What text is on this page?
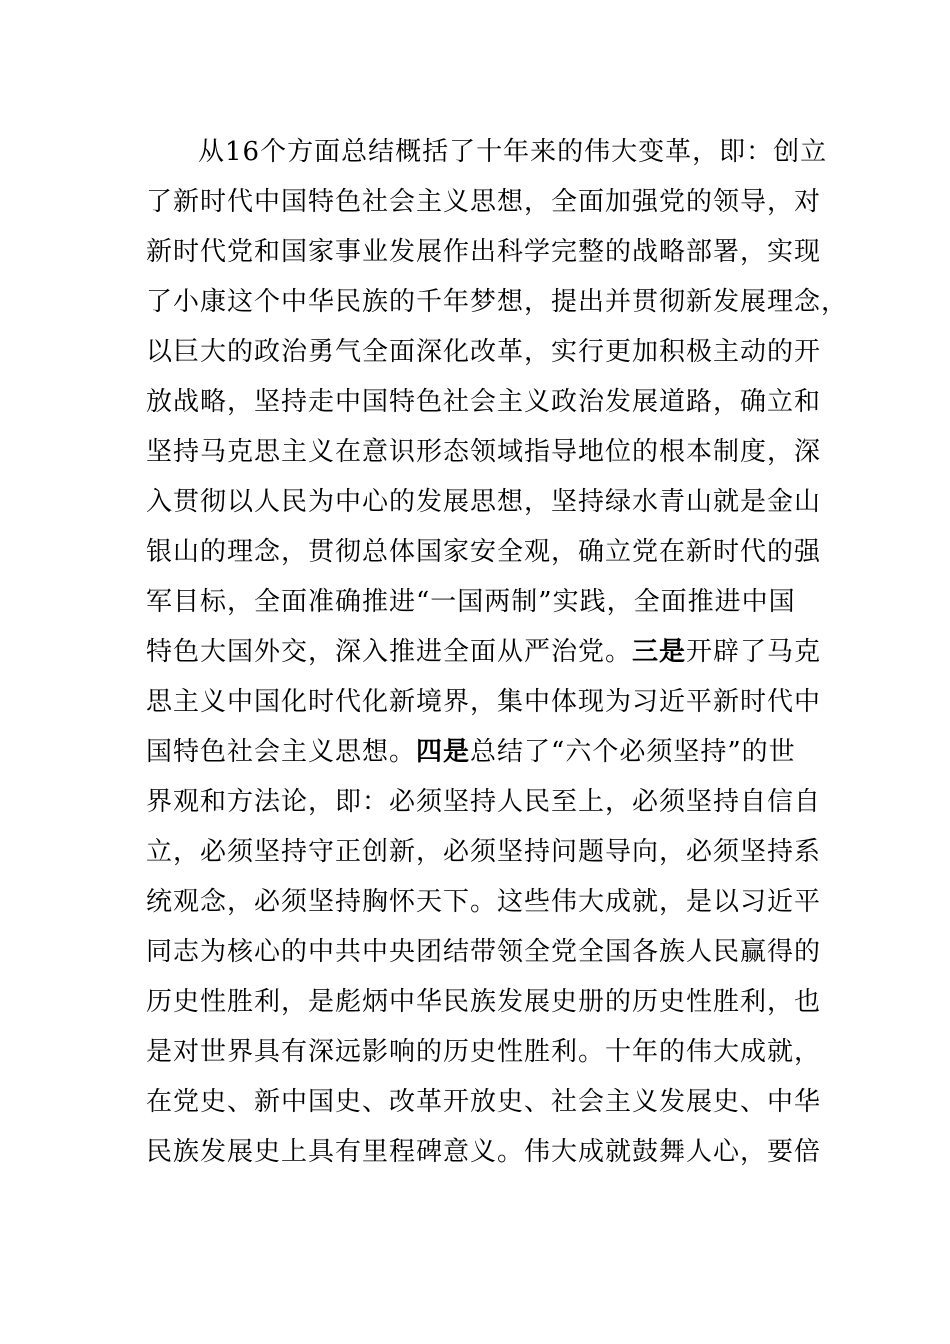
从16个方面总结概括了十年来的伟大变革，即：创立
了新时代中国特色社会主义思想，全面加强党的领导，对
新时代党和国家事业发展作出科学完整的战略部署，实现
了小康这个中华民族的千年梦想，提出并贯彻新发展理念，
以巨大的政治勇气全面深化改革，实行更加积极主动的开
放战略，坚持走中国特色社会主义政治发展道路，确立和
坚持马克思主义在意识形态领域指导地位的根本制度，深
入贯彻以人民为中心的发展思想，坚持绿水青山就是金山
银山的理念，贯彻总体国家安全观，确立党在新时代的强
军目标，全面准确推进“一国两制”实践，全面推进中国
特色大国外交，深入推进全面从严治党。三是开辟了马克
思主义中国化时代化新境界，集中体现为习近平新时代中
国特色社会主义思想。四是总结了“六个必须坚持”的世
界观和方法论，即：必须坚持人民至上，必须坚持自信自
立，必须坚持守正创新，必须坚持问题导向，必须坚持系
统观念，必须坚持胸怀天下。这些伟大成就，是以习近平
同志为核心的中共中央团结带领全党全国各族人民赢得的
历史性胜利，是彪炳中华民族发展史册的历史性胜利，也
是对世界具有深远影响的历史性胜利。十年的伟大成就，
在党史、新中国史、改革开放史、社会主义发展史、中华
民族发展史上具有里程碑意义。伟大成就鼓舞人心，要倍
